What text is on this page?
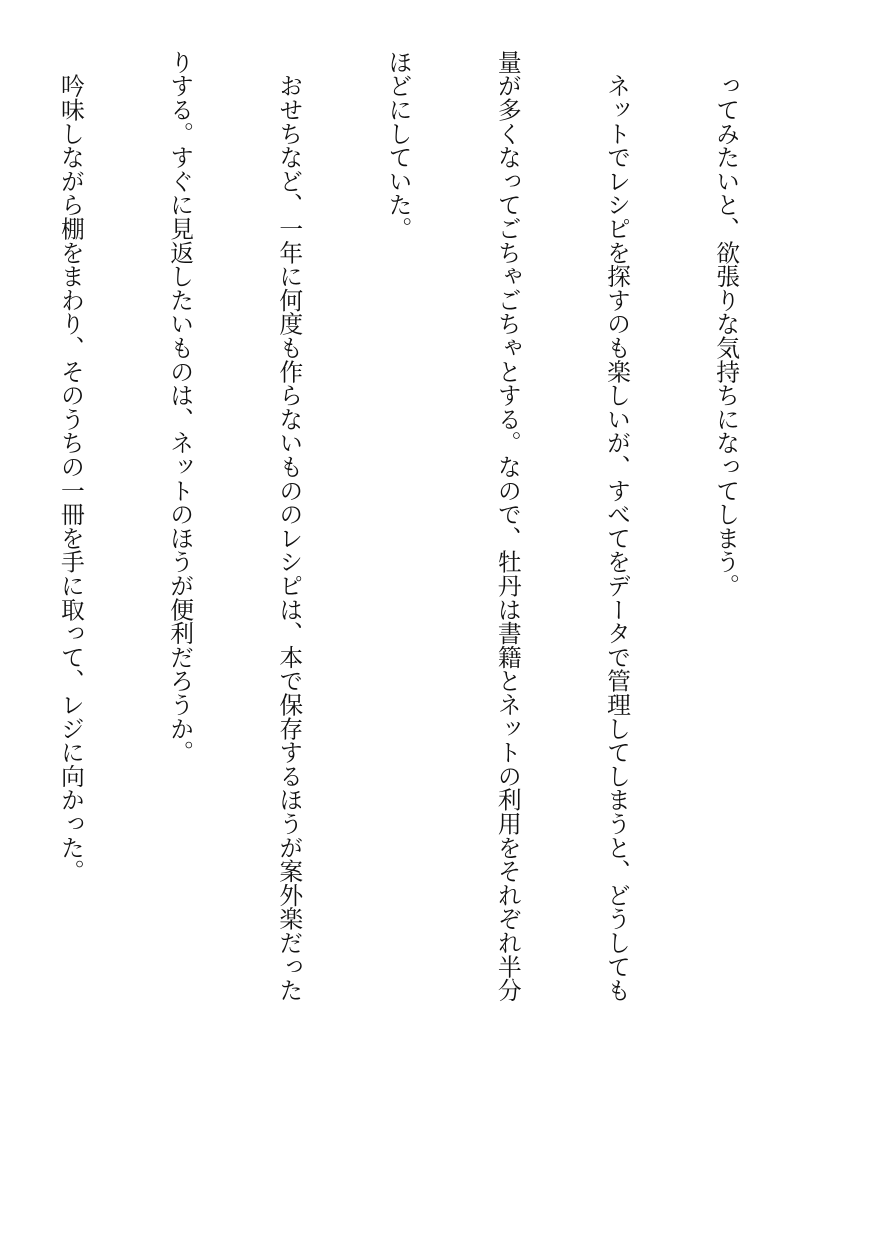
　ってみたいと、欲張りな気持ちになってしまう。

　ネットでレシピを探すのも楽しいが、すべてをデータで管理してしまうと、どうしても

量が多くなってごちゃごちゃとする。なので、牡丹は書籍とネットの利用をそれぞれ半分

ほどにしていた。

　おせちなど、一年に何度も作らないもののレシピは、本で保存するほうが案外楽だった

りする。すぐに見返したいものは、ネットのほうが便利だろうか。

　吟味しながら棚をまわり、そのうちの一冊を手に取って、レジに向かった。
